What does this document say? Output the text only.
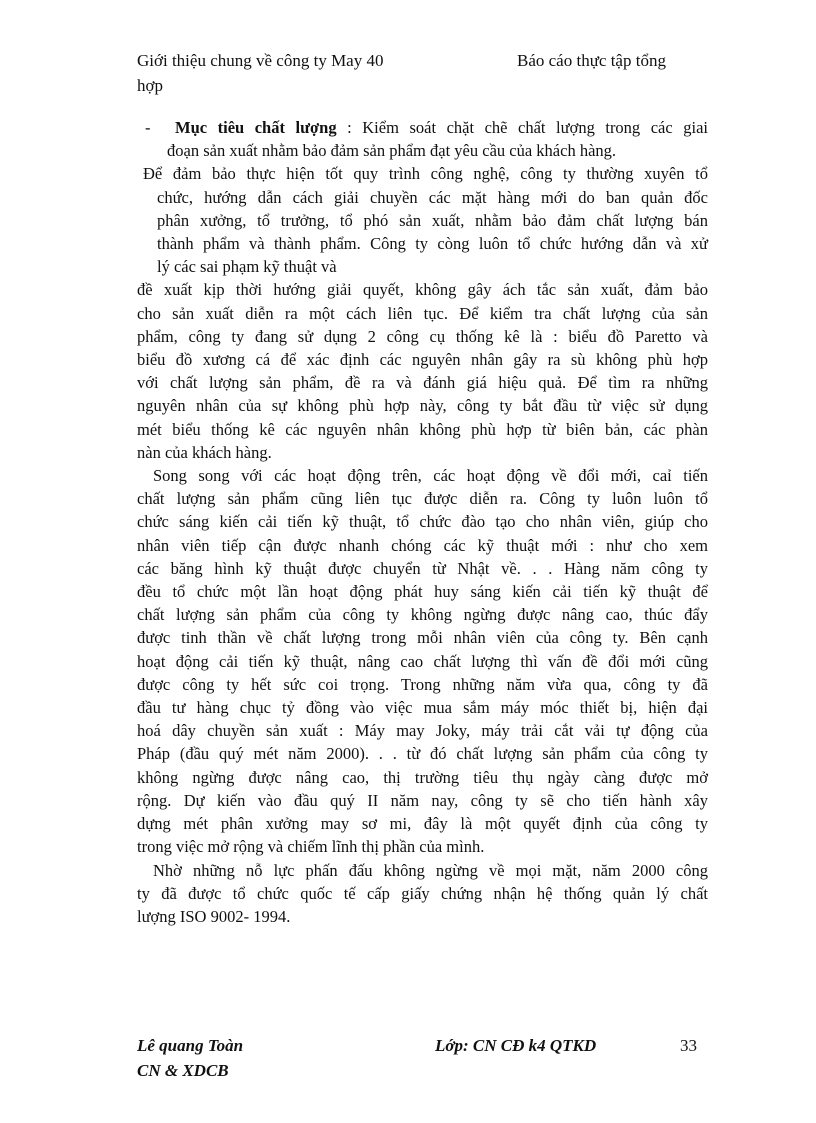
Giới thiệu chung về công ty May 40	Báo cáo thực tập tổng
hợp
- Mục tiêu chất lượng : Kiểm soát chặt chẽ chất lượng trong các giai
đoạn sản xuất nhằm bảo đảm sản phẩm đạt yêu cầu của khách hàng.
Để đảm bảo thực hiện tốt quy trình công nghệ, công ty thường xuyên tổ
chức, hướng dẫn cách giải chuyền các mặt hàng mới do ban quản đốc
phân xưởng, tổ trưởng, tổ phó sản xuất, nhằm bảo đảm chất lượng bán
thành phẩm và thành phẩm. Công ty còng luôn tổ chức hướng dẫn và xử
lý các sai phạm kỹ thuật và
đề xuất kịp thời hướng giải quyết, không gây ách tắc sản xuất, đảm bảo
cho sản xuất diễn ra một cách liên tục. Để kiểm tra chất lượng của sản
phẩm, công ty đang sử dụng 2 công cụ thống kê là : biểu đồ Paretto và
biểu đồ xương cá để xác định các nguyên nhân gây ra sù không phù hợp
với chất lượng sản phẩm, đề ra và đánh giá hiệu quả. Để tìm ra những
nguyên nhân của sự không phù hợp này, công ty bắt đầu từ việc sử dụng
mét biểu thống kê các nguyên nhân không phù hợp từ biên bản, các phàn
nàn của khách hàng.
Song song với các hoạt động trên, các hoạt động về đổi mới, caỉ tiến
chất lượng sản phẩm cũng liên tục được diễn ra. Công ty luôn luôn tổ
chức sáng kiến cải tiến kỹ thuật, tổ chức đào tạo cho nhân viên, giúp cho
nhân viên tiếp cận được nhanh chóng các kỹ thuật mới : như cho xem
các băng hình kỹ thuật được chuyển từ Nhật về. . . Hàng năm công ty
đều tổ chức một lần hoạt động phát huy sáng kiến cải tiến kỹ thuật để
chất lượng sản phẩm của công ty không ngừng được nâng cao, thúc đẩy
được tinh thần về chất lượng trong mỗi nhân viên của công ty. Bên cạnh
hoạt động cải tiến kỹ thuật, nâng cao chất lượng thì vấn đề đổi mới cũng
được công ty hết sức coi trọng. Trong những năm vừa qua, công ty đã
đầu tư hàng chục tỷ đồng vào việc mua sắm máy móc thiết bị, hiện đại
hoá dây chuyền sản xuất : Máy may Joky, máy trải cắt vải tự động của
Pháp (đầu quý mét năm 2000). . . từ đó chất lượng sản phẩm của công ty
không ngừng được nâng cao, thị trường tiêu thụ ngày càng được mở
rộng. Dự kiến vào đầu quý II năm nay, công ty sẽ cho tiến hành xây
dựng mét phân xưởng may sơ mi, đây là một quyết định của công ty
trong việc mở rộng và chiếm lĩnh thị phần của mình.
Nhờ những nỗ lực phấn đấu không ngừng về mọi mặt, năm 2000 công
ty đã được tổ chức quốc tế cấp giấy chứng nhận hệ thống quản lý chất
lượng ISO 9002- 1994.
Lê quang Toàn
CN & XDCB
Lớp: CN CĐ k4 QTKD	33
